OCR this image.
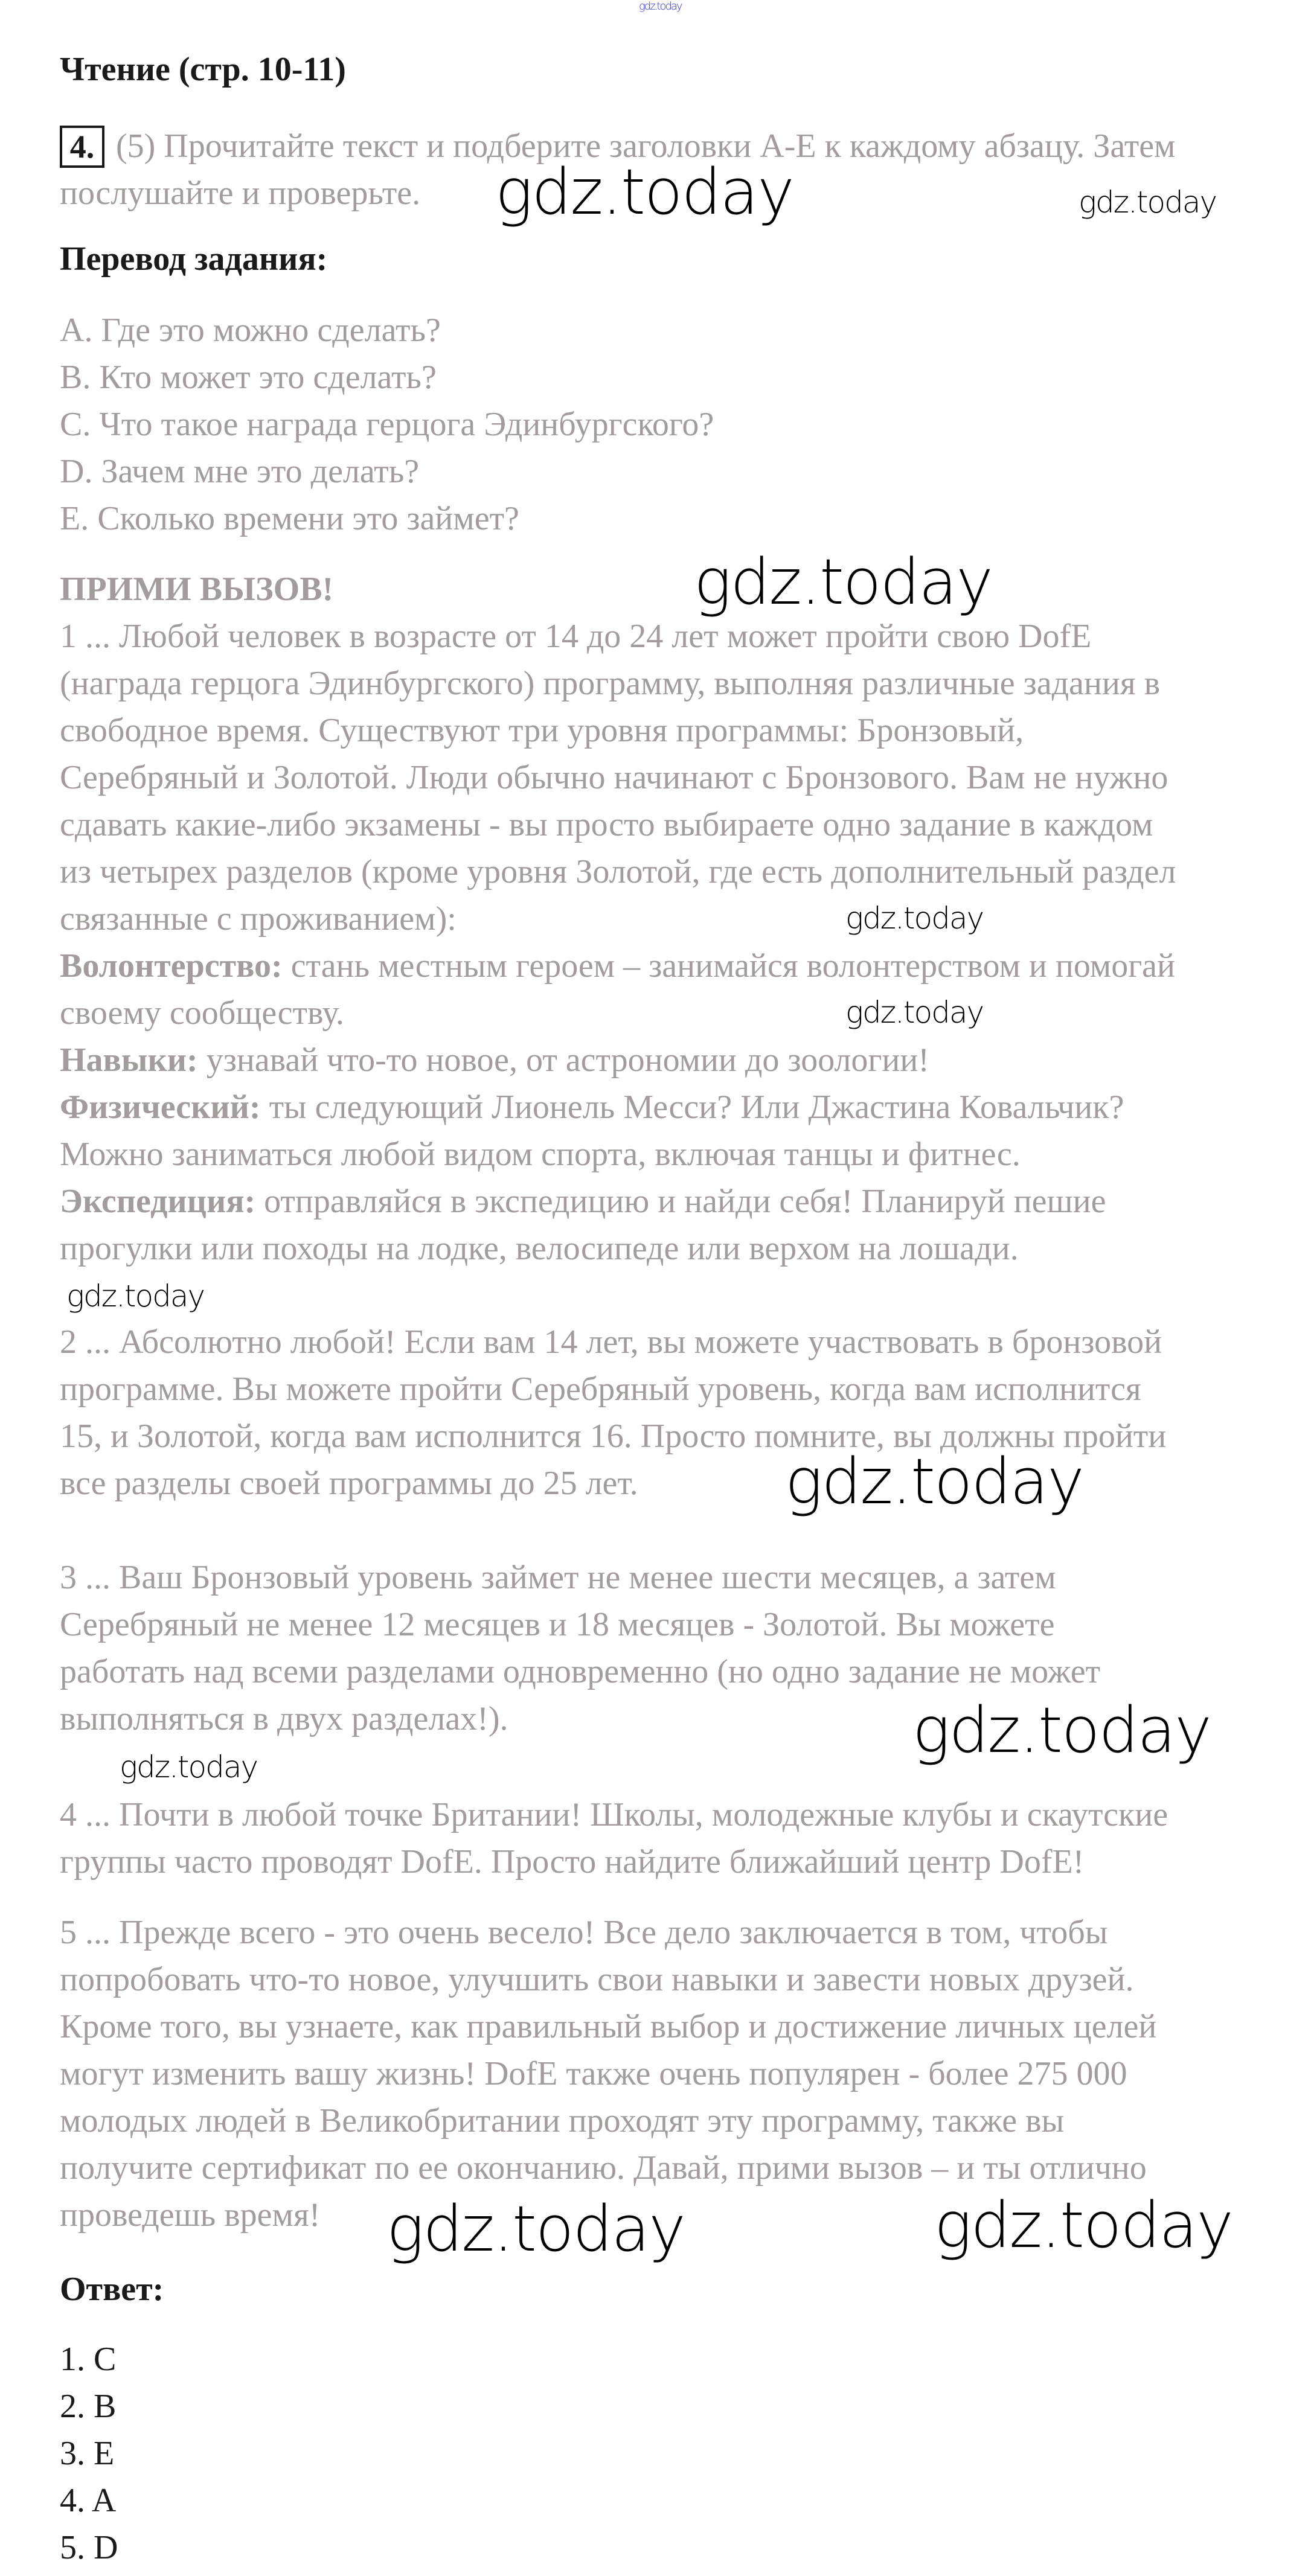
gdz.today
Чтение (стр. 10-11)
4. (5) Прочитайте текст и подберите заголовки A-E к каждому абзацу. Затем
послушайте и проверьте.
Перевод задания:
A. Где это можно сделать?
B. Кто может это сделать?
C. Что такое награда герцога Эдинбургского?
D. Зачем мне это делать?
E. Сколько времени это займет?
ПРИМИ ВЫЗОВ!
1 ... Любой человек в возрасте от 14 до 24 лет может пройти свою DofE
(награда герцога Эдинбургского) программу, выполняя различные задания в
свободное время. Существуют три уровня программы: Бронзовый,
Серебряный и Золотой. Люди обычно начинают с Бронзового. Вам не нужно
сдавать какие-либо экзамены - вы просто выбираете одно задание в каждом
из четырех разделов (кроме уровня Золотой, где есть дополнительный раздел
связанные с проживанием):
Волонтерство: стань местным героем – занимайся волонтерством и помогай
своему сообществу.
Навыки: узнавай что-то новое, от астрономии до зоологии!
Физический: ты следующий Лионель Месси? Или Джастина Ковальчик?
Можно заниматься любой видом спорта, включая танцы и фитнес.
Экспедиция: отправляйся в экспедицию и найди себя! Планируй пешие
прогулки или походы на лодке, велосипеде или верхом на лошади.
2 ... Абсолютно любой! Если вам 14 лет, вы можете участвовать в бронзовой
программе. Вы можете пройти Серебряный уровень, когда вам исполнится
15, и Золотой, когда вам исполнится 16. Просто помните, вы должны пройти
все разделы своей программы до 25 лет.
3 ... Ваш Бронзовый уровень займет не менее шести месяцев, а затем
Серебряный не менее 12 месяцев и 18 месяцев - Золотой. Вы можете
работать над всеми разделами одновременно (но одно задание не может
выполняться в двух разделах!).
4 ... Почти в любой точке Британии! Школы, молодежные клубы и скаутские
группы часто проводят DofE. Просто найдите ближайший центр DofE!
5 ... Прежде всего - это очень весело! Все дело заключается в том, чтобы
попробовать что-то новое, улучшить свои навыки и завести новых друзей.
Кроме того, вы узнаете, как правильный выбор и достижение личных целей
могут изменить вашу жизнь! DofE также очень популярен - более 275 000
молодых людей в Великобритании проходят эту программу, также вы
получите сертификат по ее окончанию. Давай, прими вызов – и ты отлично
проведешь время!
Ответ:
1. C
2. B
3. E
4. A
5. D
gdz.today	gdz.today
gdz.today
gdz.today
gdz.today
gdz.today
gdz.today
gdz.today
gdz.today
gdz.today
gdz.today
